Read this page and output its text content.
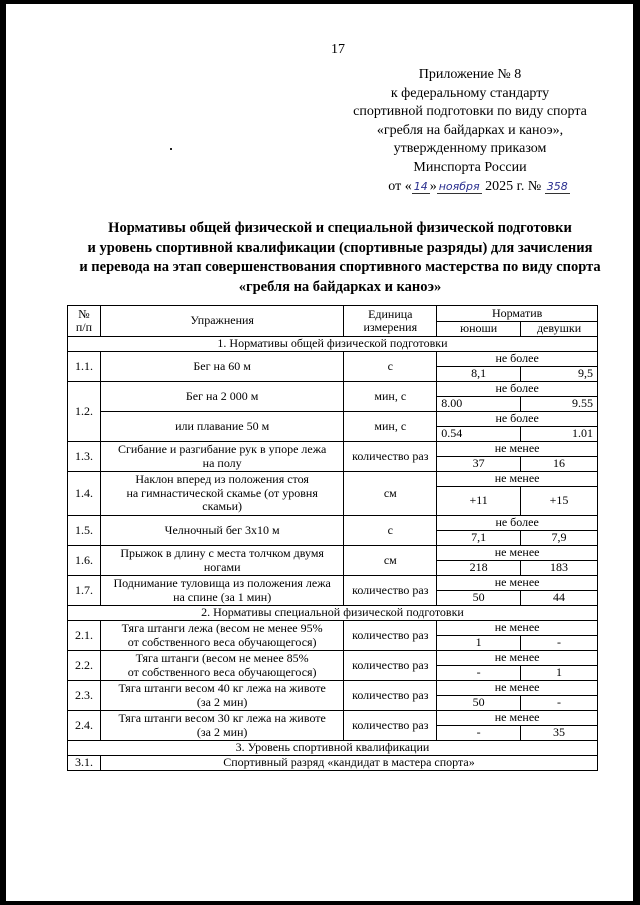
17
Приложение № 8
к федеральному стандарту
спортивной подготовки по виду спорта
«гребля на байдарках и каноэ»,
утвержденному приказом
Минспорта России
от « 14 » ноября 2025 г. № 358
Нормативы общей физической и специальной физической подготовки
и уровень спортивной квалификации (спортивные разряды) для зачисления
и перевода на этап совершенствования спортивного мастерства по виду спорта
«гребля на байдарках и каноэ»
№
п/п	Упражнения	Единица
измерения	Норматив	
			юноши	девушки
1. Нормативы общей физической подготовки				
1.1.	Бег на 60 м	с	не более	
			8,1	9,5
1.2.	Бег на 2 000 м	мин, с	не более	
			8.00	9.55
	или плавание 50 м	мин, с	не более	
			0.54	1.01
1.3.	Сгибание и разгибание рук в упоре лежа
на полу	количество раз	не менее	
			37	16
1.4.	Наклон вперед из положения стоя
на гимнастической скамье (от уровня
скамьи)	см	не менее	
			+11	+15
1.5.	Челночный бег 3х10 м	с	не более	
			7,1	7,9
1.6.	Прыжок в длину с места толчком двумя
ногами	см	не менее	
			218	183
1.7.	Поднимание туловища из положения лежа
на спине (за 1 мин)	количество раз	не менее	
			50	44
2. Нормативы специальной физической подготовки				
2.1.	Тяга штанги лежа (весом не менее 95%
от собственного веса обучающегося)	количество раз	не менее	
			1	-
2.2.	Тяга штанги (весом не менее 85%
от собственного веса обучающегося)	количество раз	не менее	
			-	1
2.3.	Тяга штанги весом 40 кг лежа на животе
(за 2 мин)	количество раз	не менее	
			50	-
2.4.	Тяга штанги весом 30 кг лежа на животе
(за 2 мин)	количество раз	не менее	
			-	35
3. Уровень спортивной квалификации				
3.1.	Спортивный разряд «кандидат в мастера спорта»			
